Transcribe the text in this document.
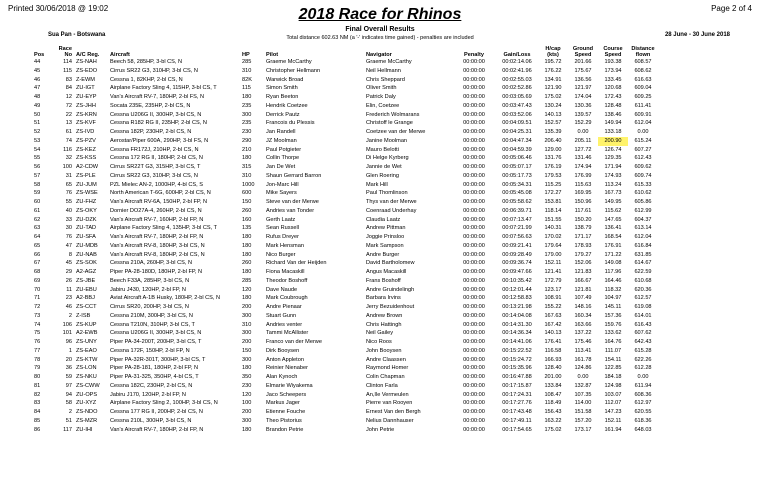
Printed 30/06/2018 @ 19:02	Page 2 of 4
2018 Race for Rhinos
Final Overall Results
Total distance 602.63 NM (a '-' indicates time gained) - penalties are included
Sua Pan - Botswana	28 June - 30 June 2018
Pos	Race No	A/C Reg.	Aircraft	HP	Pilot	Navigator	Penalty	Gain/Loss	H/cap (kts)	Ground Speed	Course Speed	Distance flown
44	114	ZS-NAH	Beech 58, 285HP, 3-bl CS, N	285	Graeme McCarthy	Graeme McCarthy	00:00:00	00:02:14.06	195.72	201.66	193.38	608.57
45	115	ZS-EDO	Cirrus SR22 G3, 310HP, 3-bl CS, N	310	Christopher Hellmann	Neil Hellmann	00:00:00	00:02:41.96	176.22	175.67	173.94	608.62
46	83	Z-EWM	Cessna 1, 82KHP, 2-bl CS, N	82K	Warwick Broad	Chris Sheppard	00:00:00	00:02:55.03	134.91	136.56	133.45	616.63
47	84	ZU-IGT	Airplane Factory Sling 4, 115HP, 3-bl CS, T	115	Simon Smith	Oliver Smith	00:00:00	00:02:52.86	121.90	121.97	120.68	609.04
48	12	ZU-EYP	Van's Aircraft RV-7, 180HP, 2-bl FS, N	180	Ryan Beeton	Patrick Daly	00:00:00	00:03:05.69	175.02	174.04	172.43	609.25
49	72	ZS-JHH	Socata 235E, 235HP, 2-bl CS, N	235	Hendrik Coetzee	Elin, Coetzee	00:00:00	00:03:47.43	130.24	130.36	128.48	611.41
50	22	ZS-KRN	Cessna U206G II, 300HP, 3-bl CS, N	300	Derrick Pautz	Frederich Wolmarans	00:00:00	00:03:52.06	140.13	139.57	138.46	609.91
51	13	ZS-KVF	Cessna R182 RG II, 235HP, 2-bl CS, N	235	Francois du Plessis	Christoff le Grange	00:00:00	00:04:09.51	152.57	152.29	149.94	612.04
52	61	ZS-IVD	Cessna 182P, 230HP, 2-bl CS, N	230	Jan Randell	Coetzee van der Merwe	00:00:00	00:04:25.31	135.39	0.00	133.18	0.00
53	74	ZS-PZV	Aerostar/Piper 600A, 290HP, 3-bl FS, N	290	JZ Moolman	Janine Moolman	00:00:00	00:04:47.34	206.40	205.11	200.90	615.24
54	116	ZS-KEZ	Cessna FR172J, 210HP, 2-bl CS, N	210	Paul Potgieter	Mauro Belotti	00:00:00	00:04:59.39	129.00	127.72	126.74	607.27
55	32	ZS-KSS	Cessna 172 RG II, 180HP, 2-bl CS, N	180	Collin Thorpe	Di Helge Kyrberg	00:00:00	00:05:06.46	131.76	131.46	129.35	612.43
56	100	A2-CDW	Cirrus SR22T G3, 315HP, 3-bl CS, T	315	Jan De Wet	Jannie de Wet	00:00:00	00:05:07.17	176.19	174.94	171.94	609.62
57	31	ZS-PLE	Cirrus SR22 G3, 310HP, 3-bl CS, N	310	Shaun Gerrard Barron	Glen Roering	00:00:00	00:05:17.73	179.53	176.99	174.93	609.74
58	65	ZU-JUM	PZL Mielec AN-2, 1000HP, 4-bl CS, S	1000	Jon-Marc Hill	Mark Hill	00:00:00	00:05:34.31	115.25	115.63	113.24	615.33
59	76	ZS-WSE	North American T-6G, 600HP, 2-bl CS, N	600	Mike Sayers	Paul Thomlinson	00:00:00	00:05:45.08	172.27	169.95	167.73	610.62
60	55	ZU-FHZ	Van's Aircraft RV-6A, 150HP, 2-bl FP, N	150	Steve van der Merwe	Thys van der Merwe	00:00:00	00:05:58.62	153.81	150.96	149.95	605.86
61	40	ZS-OKY	Dornier DO27A-4, 260HP, 2-bl CS, N	260	Andries van Tonder	Coenraad Underhay	00:00:00	00:06:39.71	118.14	117.61	115.62	612.99
62	33	ZU-DZK	Van's Aircraft RV-7, 160HP, 2-bl FP, N	160	Gerth Laatz	Claudia Laatz	00:00:00	00:07:13.47	151.55	150.20	147.65	604.37
63	30	ZU-TAD	Airplane Factory Sling 4, 135HP, 3-bl CS, T	135	Sean Russell	Andrew Pittman	00:00:00	00:07:21.99	140.31	138.79	136.41	613.14
64	76	ZU-SFA	Van's Aircraft RV-7, 180HP, 2-bl FP, N	180	Rufus Dreyer	Joggie Prinsloo	00:00:00	00:07:56.63	170.02	171.17	168.54	612.04
65	47	ZU-MDB	Van's Aircraft RV-8, 180HP, 3-bl CS, N	180	Mark Hensman	Mark Sampson	00:00:00	00:09:21.41	179.64	178.93	176.91	616.84
66	8	ZU-NAB	Van's Aircraft RV-8, 180HP, 2-bl CS, N	180	Nico Burger	Andre Burger	00:00:00	00:09:28.49	179.00	179.27	171.22	631.85
67	45	ZS-SOK	Cessna 210A, 260HP, 3-bl CS, N	260	Richard Van der Heijden	David Bartholomew	00:00:00	00:09:36.74	152.11	152.06	149.08	614.67
68	29	A2-AGZ	Piper PA-28-180D, 180HP, 2-bl FP, N	180	Fiona Macaskill	Angus Macaskill	00:00:00	00:09:47.66	121.41	121.83	117.96	622.59
69	26	ZS-JBE	Beech F33A, 285HP, 3-bl CS, N	285	Theodor Boshoff	Frans Boshoff	00:00:00	00:10:35.42	172.79	166.67	164.46	610.68
70	11	ZU-EBU	Jabiru J430, 120HP, 2-bl FP, N	120	Dave Naude	Andre Gruindelingh	00:00:00	00:12:01.44	123.17	121.81	118.32	620.36
71	23	A2-BBJ	Aviat Aircraft A-1B Husky, 180HP, 2-bl CS, N	180	Mark Coubrough	Barbara Irvins	00:00:00	00:12:58.83	108.91	107.49	104.97	612.57
72	46	ZS-CCT	Cirrus SR20, 200HP, 3-bl CS, N	200	Andre Pienaar	Jerry Bezuidenhout	00:00:00	00:13:21.98	155.22	148.16	145.11	619.08
73	2	Z-ISB	Cessna 210M, 300HP, 3-bl CS, N	300	Stuart Gunn	Andrew Brown	00:00:00	00:14:04.08	167.63	160.34	157.36	614.01
74	106	ZS-KUP	Cessna T210N, 310HP, 3-bl CS, T	310	Andries venter	Chris Hattingh	00:00:00	00:14:31.30	167.42	163.66	159.76	616.43
75	101	A2-EWB	Cessna U206G II, 300HP, 3-bl CS, N	300	Tammi McAllister	Neil Gailey	00:00:00	00:14:36.34	140.13	137.22	133.62	607.62
76	96	ZS-UNY	Piper PA-34-200T, 200HP, 3-bl CS, T	200	Franco van der Merwe	Nico Roos	00:00:00	00:14:41.06	176.41	175.46	164.76	642.43
77	1	ZS-EAO	Cessna 172F, 150HP, 2-bl FP, N	150	Dirk Booysen	John Booysen	00:00:00	00:15:22.52	116.58	113.41	111.07	615.28
78	20	ZS-KTW	Piper PA-32R-301T, 300HP, 3-bl CS, T	300	Anton Appleton	Andre Claassen	00:00:00	00:15:24.72	166.93	161.78	154.11	622.26
79	36	ZS-LON	Piper PA-28-181, 180HP, 2-bl FP, N	180	Reinier Nienaber	Raymond Homer	00:00:00	00:15:35.96	128.40	124.86	122.85	612.28
80	59	ZS-NKU	Piper PA-31-325, 350HP, 4-bl CS, T	350	Alan Kynoch	Colin Chapman	00:00:00	00:16:47.88	201.00	0.00	184.18	0.00
81	97	ZS-CWW	Cessna 182C, 230HP, 2-bl CS, N	230	Elmarie Wiyakema	Clinton Farla	00:00:00	00:17:15.87	133.84	132.87	124.98	611.94
82	94	ZU-OPS	Jabiru J170, 120HP, 2-bl FP, N	120	Jaco Scheepers	An,Ile Vermeulen	00:00:00	00:17:24.31	108.47	107.35	103.07	608.36
83	58	ZU-XYZ	Airplane Factory Sling 2, 100HP, 3-bl CS, N	100	Markus Jager	Pierre van Rooyen	00:00:00	00:17:27.76	118.49	114.00	112.07	612.97
84	2	ZS-NDO	Cessna 177 RG II, 200HP, 2-bl CS, N	200	Etienne Fouche	Ernest Van den Bergh	00:00:00	00:17:43.48	156.43	151.58	147.23	620.55
85	51	ZS-MZR	Cessna 210L, 300HP, 3-bl CS, N	300	Theo Pistorius	Nelius Dannhauser	00:00:00	00:17:49.11	163.22	157.20	152.11	618.36
86	117	ZU-IHI	Van's Aircraft RV-7, 180HP, 2-bl FP, N	180	Brandon Petrie	John Petrie	00:00:00	00:17:54.65	175.02	173.17	161.94	648.03
